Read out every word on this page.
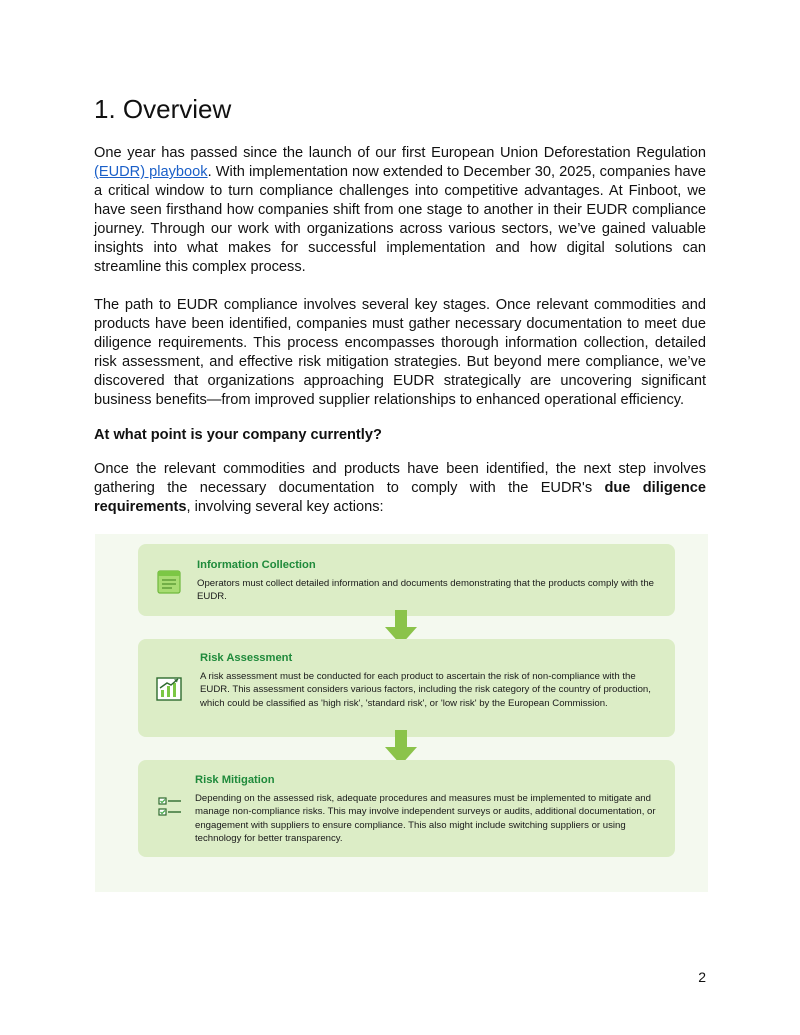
1. Overview

One year has passed since the launch of our first European Union Deforestation Regulation (EUDR) playbook. With implementation now extended to December 30, 2025, companies have a critical window to turn compliance challenges into competitive advantages. At Finboot, we have seen firsthand how companies shift from one stage to another in their EUDR compliance journey. Through our work with organizations across various sectors, we’ve gained valuable insights into what makes for successful implementation and how digital solutions can streamline this complex process.

The path to EUDR compliance involves several key stages. Once relevant commodities and products have been identified, companies must gather necessary documentation to meet due diligence requirements. This process encompasses thorough information collection, detailed risk assessment, and effective risk mitigation strategies. But beyond mere compliance, we’ve discovered that organizations approaching EUDR strategically are uncovering significant business benefits—from improved supplier relationships to enhanced operational efficiency.

At what point is your company currently?

Once the relevant commodities and products have been identified, the next step involves gathering the necessary documentation to comply with the EUDR's due diligence requirements, involving several key actions:

Information Collection

Operators must collect detailed information and documents demonstrating that the products comply with the EUDR.

Risk Assessment

A risk assessment must be conducted for each product to ascertain the risk of non-compliance with the EUDR. This assessment considers various factors, including the risk category of the country of production, which could be classified as 'high risk', 'standard risk', or 'low risk' by the European Commission.

Risk Mitigation

Depending on the assessed risk, adequate procedures and measures must be implemented to mitigate and manage non-compliance risks. This may involve independent surveys or audits, additional documentation, or engagement with suppliers to ensure compliance. This also might include switching suppliers or using technology for better transparency.

2
